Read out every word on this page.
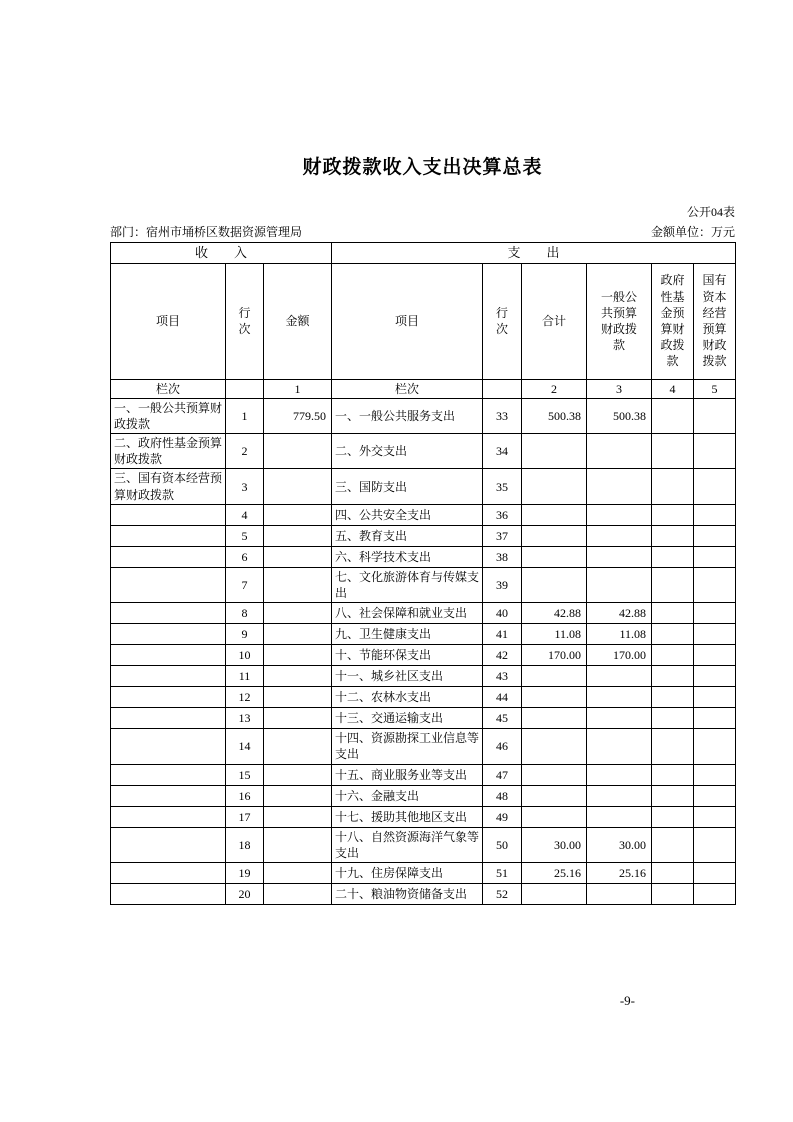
财政拨款收入支出决算总表
公开04表
部门：宿州市埇桥区数据资源管理局	金额单位：万元
收　　入			支　　出					
项目	行次	金额	项目	行次	合计	一般公共预算财政拨款	政府性基金预算财政拨款	国有资本经营预算财政拨款
栏次		1	栏次		2	3	4	5
一、一般公共预算财政拨款	1	779.50	一、一般公共服务支出	33	500.38	500.38		
二、政府性基金预算财政拨款	2		二、外交支出	34				
三、国有资本经营预算财政拨款	3		三、国防支出	35				
	4		四、公共安全支出	36				
	5		五、教育支出	37				
	6		六、科学技术支出	38				
	7		七、文化旅游体育与传媒支出	39				
	8		八、社会保障和就业支出	40	42.88	42.88		
	9		九、卫生健康支出	41	11.08	11.08		
	10		十、节能环保支出	42	170.00	170.00		
	11		十一、城乡社区支出	43				
	12		十二、农林水支出	44				
	13		十三、交通运输支出	45				
	14		十四、资源勘探工业信息等支出	46				
	15		十五、商业服务业等支出	47				
	16		十六、金融支出	48				
	17		十七、援助其他地区支出	49				
	18		十八、自然资源海洋气象等支出	50	30.00	30.00		
	19		十九、住房保障支出	51	25.16	25.16		
	20		二十、粮油物资储备支出	52				
-9-
